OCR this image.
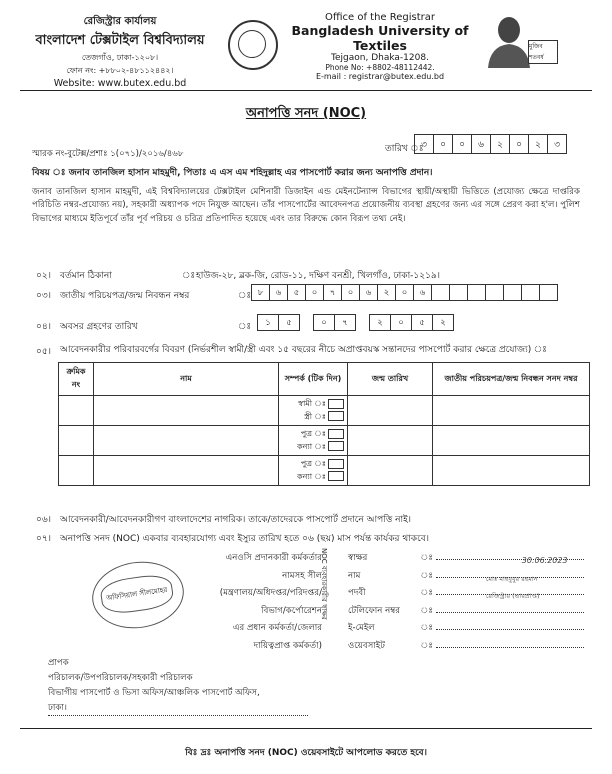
রেজিস্ট্রার কার্যালয়
বাংলাদেশ টেক্সটাইল বিশ্ববিদ্যালয়
তেজগাঁও, ঢাকা-১২০৮।
ফোন নং: +৮৮০২-৪৮১১২৪৪২।
Website: www.butex.edu.bd
Office of the Registrar
Bangladesh University of Textiles
Tejgaon, Dhaka-1208.
Phone No: +8802-48112442.
E-mail : registrar@butex.edu.bd
মুজিব শতবর্ষ
অনাপত্তি সনদ (NOC)
স্মারক নং-বুটেক্স/প্রশাঃ ১(০৭১)/২০১৬/৪৬৮	তারিখ ঃ
৩	০	০	৬	২	০	২	৩
বিষয় ঃ জনাব তানজিল হাসান মাহমুদী, পিতাঃ এ এস এম শহিদুল্লাহ এর পাসপোর্ট করার জন্য অনাপত্তি প্রদান।
জনাব তানজিল হাসান মাহমুদী, এই বিশ্ববিদ্যালয়ের টেক্সটাইল মেশিনারী ডিজাইন এন্ড মেইনটেন্যান্স বিভাগের স্থায়ী/অস্থায়ী ভিত্তিতে (প্রযোজ্য ক্ষেত্রে দাপ্তরিক পরিচিতি নম্বর-প্রযোজ্য নয়), সহকারী অধ্যাপক পদে নিযুক্ত আছেন। তাঁর পাসপোর্টের আবেদনপত্র প্রয়োজনীয় ব্যবস্থা গ্রহণের জন্য এর সঙ্গে প্রেরণ করা হ'ল। পুলিশ বিভাগের মাধ্যমে ইতিপূর্বে তাঁর পূর্ব পরিচয় ও চরিত্র প্রতিপাদিত হয়েছে এবং তার বিরুদ্ধে কোন বিরূপ তথ্য নেই।
০২। বর্তমান ঠিকানা	ঃ হাউজ-২৮, ব্লক-জি, রোড-১১, দক্ষিণ বনশ্রী, খিলগাঁও, ঢাকা-১২১৯।
০৩। জাতীয় পরিচয়পত্র/জন্ম নিবন্ধন নম্বর	ঃ ৮	৬	৫	০	৭	০	৬	২	০	৬
০৪। অবসর গ্রহণের তারিখ	ঃ	১	৫	০	৭	২	০	৫	২
০৫। আবেদনকারীর পরিবারবর্গের বিবরণ (নির্ভরশীল স্বামী/স্ত্রী এবং ১৫ বছরের নীচে অপ্রাপ্তবয়স্ক সন্তানদের পাসপোর্ট করার ক্ষেত্রে প্রযোজ্য) ঃ
ক্রমিক নং	নাম	সম্পর্ক (টিক দিন)	জন্ম তারিখ	জাতীয় পরিচয়পত্র/জন্ম নিবন্ধন সনদ নম্বর

		স্বামী ঃ
স্ত্রী ঃ		

		পুত্র ঃ
কন্যা ঃ		

		পুত্র ঃ
কন্যা ঃ		

০৬। আবেদনকারী/আবেদনকারীগণ বাংলাদেশের নাগরিক। তাকে/তাদেরকে পাসপোর্ট প্রদানে আপত্তি নাই।
০৭। অনাপত্তি সনদ (NOC) একবার ব্যবহারযোগ্য এবং ইস্যুর তারিখ হতে ০৬ (ছয়) মাস পর্যন্ত কার্যকর থাকবে।
এনওসি প্রদানকারী কর্মকর্তার
নামসহ সীল
(মন্ত্রণালয়/অধিদপ্তর/পরিদপ্তর/
বিভাগ/কর্পোরেশন
এর প্রধান কর্মকর্তা/জেলার
দায়িত্বপ্রাপ্ত কর্মকর্তা)
NOC ব্যবহারকারীর স্বাক্ষর স্বাক্ষর	30.06.2023
নাম	মোঃ মাহবুবুর রহমান
পদবী	রেজিস্ট্রার (ভারপ্রাপ্ত)
টেলিফোন নম্বর
ই-মেইল
ওয়েবসাইট
অফিসিয়াল সীলমোহর
প্রাপক
পরিচালক/উপপরিচালক/সহকারী পরিচালক
বিভাগীয় পাসপোর্ট ও ভিসা অফিস/আঞ্চলিক পাসপোর্ট অফিস,
ঢাকা।
বিঃ দ্রঃ অনাপত্তি সনদ (NOC) ওয়েবসাইটে আপলোড করতে হবে।
